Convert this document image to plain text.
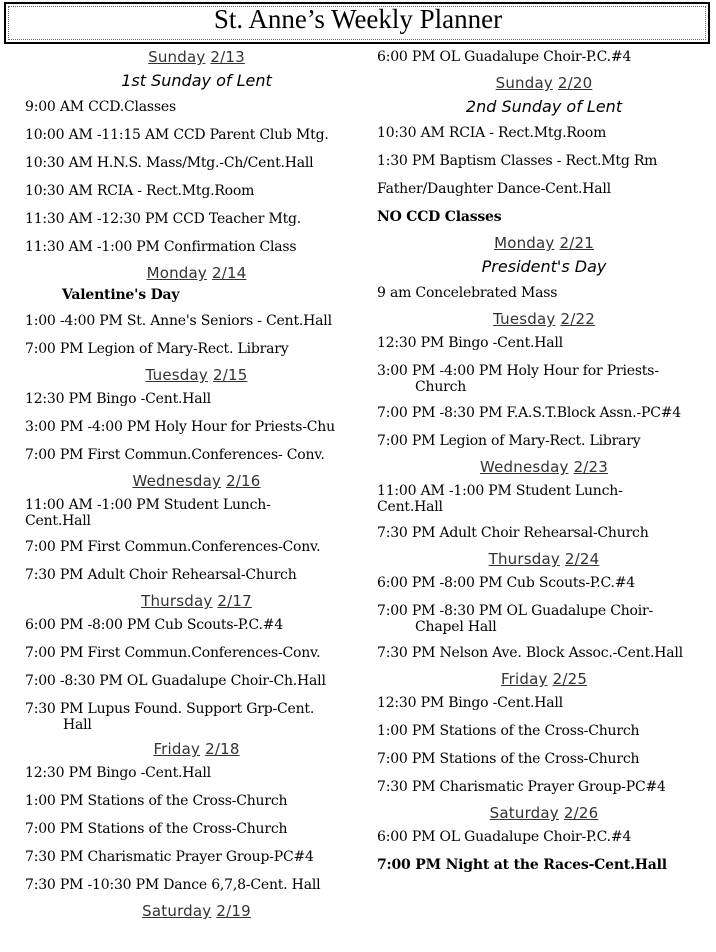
St. Anne’s Weekly Planner
Sunday 2/13
1st Sunday of Lent
9:00 AM CCD.Classes
10:00 AM -11:15 AM CCD Parent Club Mtg.
10:30 AM H.N.S. Mass/Mtg.-Ch/Cent.Hall
10:30 AM RCIA - Rect.Mtg.Room
11:30 AM -12:30 PM CCD Teacher Mtg.
11:30 AM -1:00 PM Confirmation Class
Monday 2/14
Valentine's Day
1:00 -4:00 PM St. Anne's Seniors - Cent.Hall
7:00 PM Legion of Mary-Rect. Library
Tuesday 2/15
12:30 PM Bingo -Cent.Hall
3:00 PM -4:00 PM Holy Hour for Priests-Chu
7:00 PM First Commun.Conferences- Conv.
Wednesday 2/16
11:00 AM -1:00 PM Student Lunch-
Cent.Hall
7:00 PM First Commun.Conferences-Conv.
7:30 PM Adult Choir Rehearsal-Church
Thursday 2/17
6:00 PM -8:00 PM Cub Scouts-P.C.#4
7:00 PM First Commun.Conferences-Conv.
7:00 -8:30 PM OL Guadalupe Choir-Ch.Hall
7:30 PM Lupus Found. Support Grp-Cent.
Hall
Friday 2/18
12:30 PM Bingo -Cent.Hall
1:00 PM Stations of the Cross-Church
7:00 PM Stations of the Cross-Church
7:30 PM Charismatic Prayer Group-PC#4
7:30 PM -10:30 PM Dance 6,7,8-Cent. Hall
Saturday 2/19
6:00 PM OL Guadalupe Choir-P.C.#4
Sunday 2/20
2nd Sunday of Lent
10:30 AM RCIA - Rect.Mtg.Room
1:30 PM Baptism Classes - Rect.Mtg Rm
Father/Daughter Dance-Cent.Hall
NO CCD Classes
Monday 2/21
President's Day
9 am Concelebrated Mass
Tuesday 2/22
12:30 PM Bingo -Cent.Hall
3:00 PM -4:00 PM Holy Hour for Priests-
Church
7:00 PM -8:30 PM F.A.S.T.Block Assn.-PC#4
7:00 PM Legion of Mary-Rect. Library
Wednesday 2/23
11:00 AM -1:00 PM Student Lunch-
Cent.Hall
7:30 PM Adult Choir Rehearsal-Church
Thursday 2/24
6:00 PM -8:00 PM Cub Scouts-P.C.#4
7:00 PM -8:30 PM OL Guadalupe Choir-
Chapel Hall
7:30 PM Nelson Ave. Block Assoc.-Cent.Hall
Friday 2/25
12:30 PM Bingo -Cent.Hall
1:00 PM Stations of the Cross-Church
7:00 PM Stations of the Cross-Church
7:30 PM Charismatic Prayer Group-PC#4
Saturday 2/26
6:00 PM OL Guadalupe Choir-P.C.#4
7:00 PM Night at the Races-Cent.Hall
